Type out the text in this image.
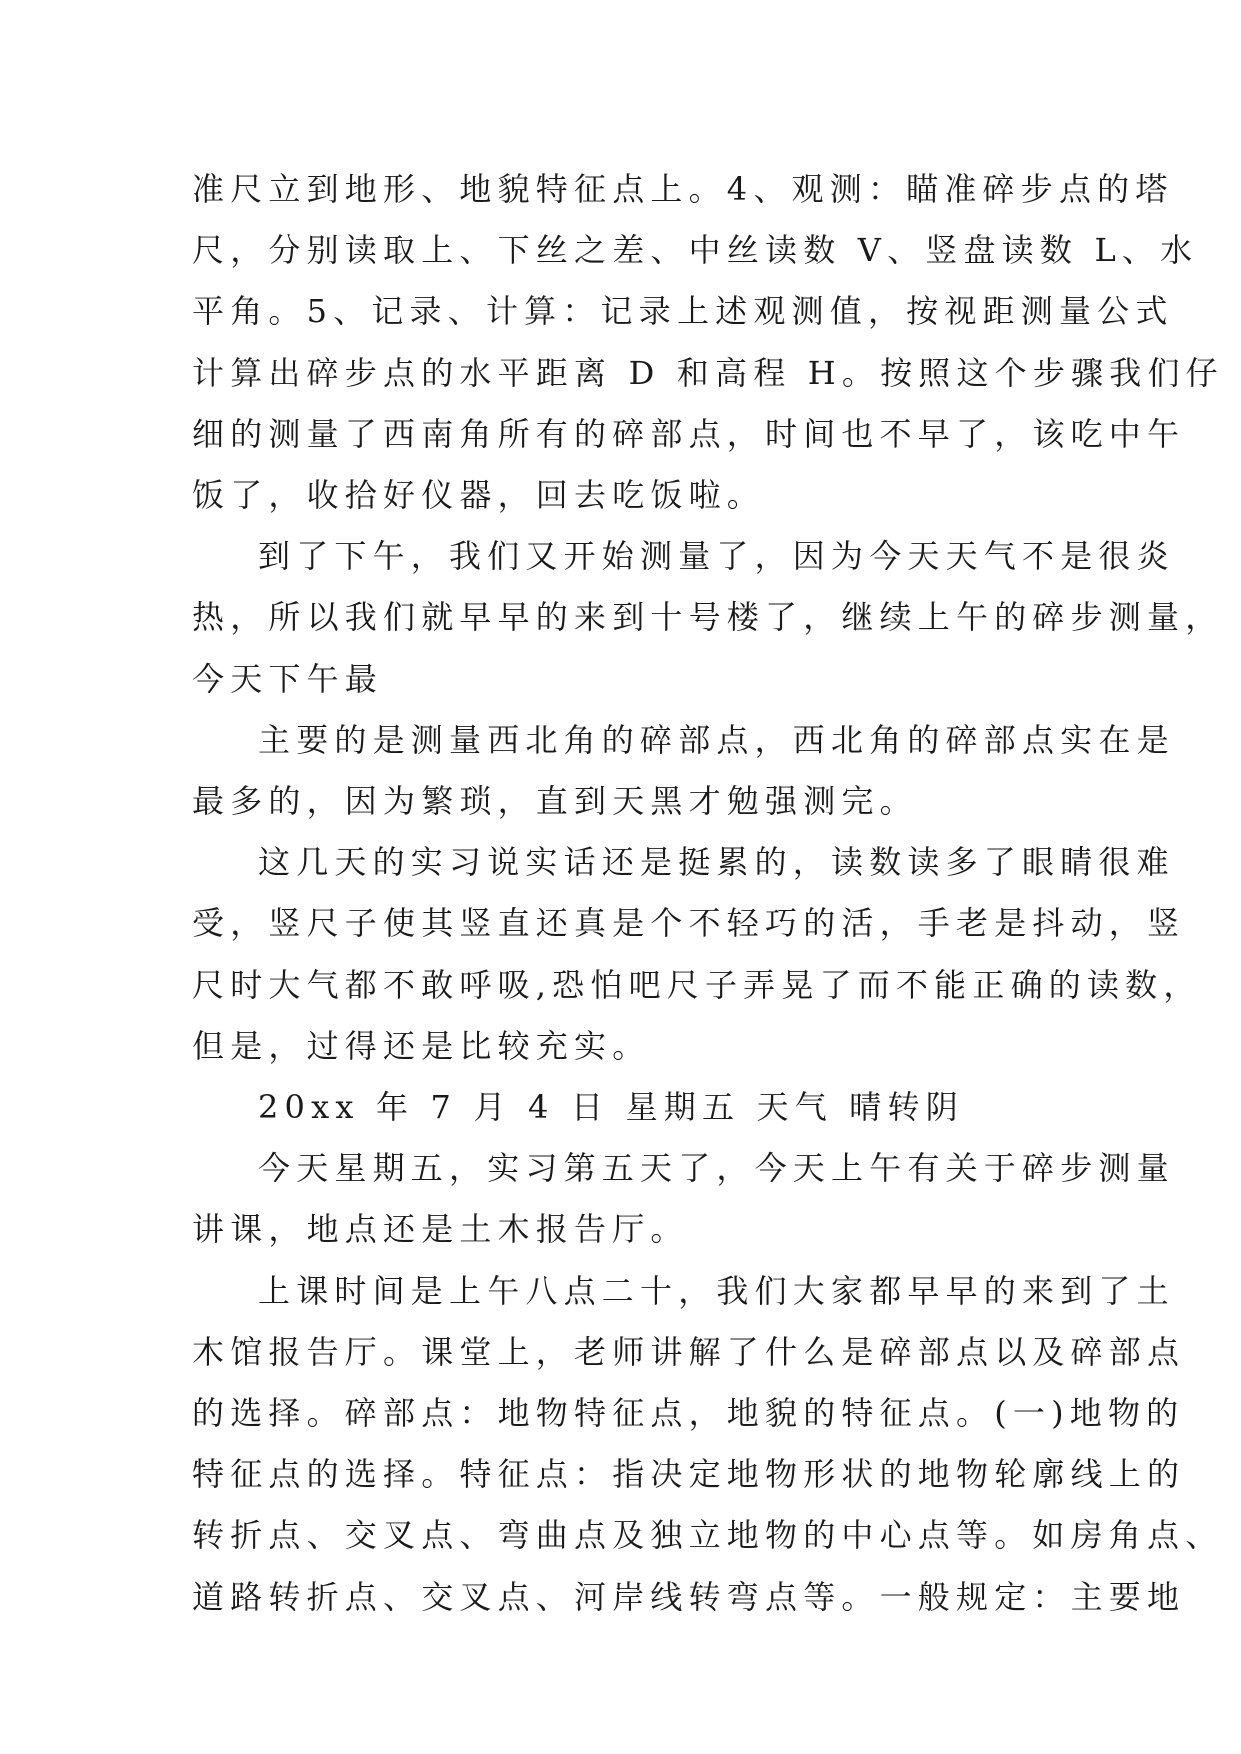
准尺立到地形、地貌特征点上。4、观测：瞄准碎步点的塔
尺，分别读取上、下丝之差、中丝读数 V、竖盘读数 L、水
平角。5、记录、计算：记录上述观测值，按视距测量公式
计算出碎步点的水平距离 D 和高程 H。按照这个步骤我们仔
细的测量了西南角所有的碎部点，时间也不早了，该吃中午
饭了，收拾好仪器，回去吃饭啦。

到了下午，我们又开始测量了，因为今天天气不是很炎
热，所以我们就早早的来到十号楼了，继续上午的碎步测量，
今天下午最

主要的是测量西北角的碎部点，西北角的碎部点实在是
最多的，因为繁琐，直到天黑才勉强测完。

这几天的实习说实话还是挺累的，读数读多了眼睛很难
受，竖尺子使其竖直还真是个不轻巧的活，手老是抖动，竖
尺时大气都不敢呼吸,恐怕吧尺子弄晃了而不能正确的读数，
但是，过得还是比较充实。

20xx 年 7 月 4 日 星期五 天气 晴转阴

今天星期五，实习第五天了，今天上午有关于碎步测量
讲课，地点还是土木报告厅。

上课时间是上午八点二十，我们大家都早早的来到了土
木馆报告厅。课堂上，老师讲解了什么是碎部点以及碎部点
的选择。碎部点：地物特征点，地貌的特征点。(一)地物的
特征点的选择。特征点：指决定地物形状的地物轮廓线上的
转折点、交叉点、弯曲点及独立地物的中心点等。如房角点、
道路转折点、交叉点、河岸线转弯点等。一般规定：主要地
